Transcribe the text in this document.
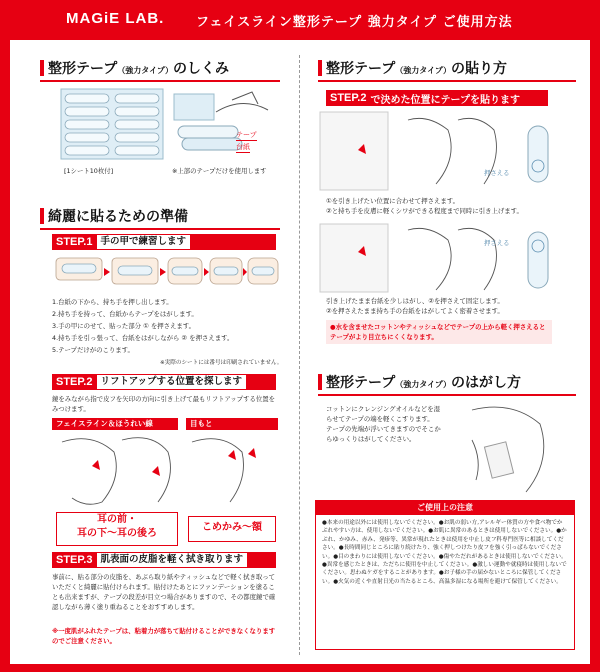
MAGiE LAB. フェイスライン整形テープ 強力タイプ ご使用方法
整形テープ（強力タイプ）のしくみ
[1シート10枚付]
テープ
台紙
※上部のテープだけを使用します
綺麗に貼るための準備
STEP.1 手の甲で練習します
1.台紙の下から、持ち手を押し出します。
2.持ち手を持って、台紙からテープをはがします。
3.手の甲にのせて、貼った部分 ① を押さえます。
4.持ち手を引っ張って、台紙をはがしながら ② を押さえます。
5.テープだけがのこります。
※実際のシートには番号は印刷されていません。
STEP.2 リフトアップする位置を探します
鏡をみながら指で皮フを矢印の方向に引き上げて最もリフトアップする位置をみつけます。
フェイスライン＆ほうれい線	目もと
耳の前・
耳の下〜耳の後ろ
こめかみ〜額
STEP.3 肌表面の皮脂を軽く拭き取ります
事前に、貼る部分の皮脂を、あぶら取り紙やティッシュなどで軽く拭き取っていただくと綺麗に貼付けられます。貼付けたあとにファンデーションを塗ることも出来ますが、テープの段差が目立つ場合がありますので、その都度鏡で確認しながら薄く塗り重ねることをおすすめします。
※一度肌がふれたテープは、粘着力が落ちて貼付けることができなくなりますのでご注意ください。
整形テープ（強力タイプ）の貼り方
STEP.2 で決めた位置にテープを貼ります
押さえる
①を引き上げたい位置に合わせて押さえます。
②と持ち手を皮膚に軽くシワができる程度まで同時に引き上げます。
押さえる
引き上げたまま台紙を少しはがし、②を押さえて固定します。
②を押さえたまま持ち手の台紙をはがしてよく密着させます。
●水を含ませたコットンやティッシュなどでテープの上から軽く押さえるとテープがより目立ちにくくなります。
整形テープ（強力タイプ）のはがし方
コットンにクレンジングオイルなどを湿らせてテープの端を軽くこすります。
テープの先端が浮いてきますのでそこからゆっくりはがしてください。
ご使用上の注意
●本来の用途以外には使用しないでください。●お肌の弱い方,アレルギー体質の方や食べ物でかぶれやすい方は、使用しないでください。●お肌に異常のあるときは使用しないでください。●かぶれ、かゆみ、赤み、発疹等、異常が現れたときは使用を中止し皮フ科専門医等に相談してください。●長時間同じところに貼り続けたり、強く押しつけたり皮フを強く引っぱらないでください。●目のまわりには使用しないでください。●傷やただれがあるときは使用しないでください。●異常を感じたときは、ただちに使用を中止してください。●激しい運動や就寝時は使用しないでください。思わぬケガをすることがあります。●お子様の手の届かないところに保管してください。●火気の近くや直射日光の当たるところ、高温多湿になる場所を避けて保管してください。
